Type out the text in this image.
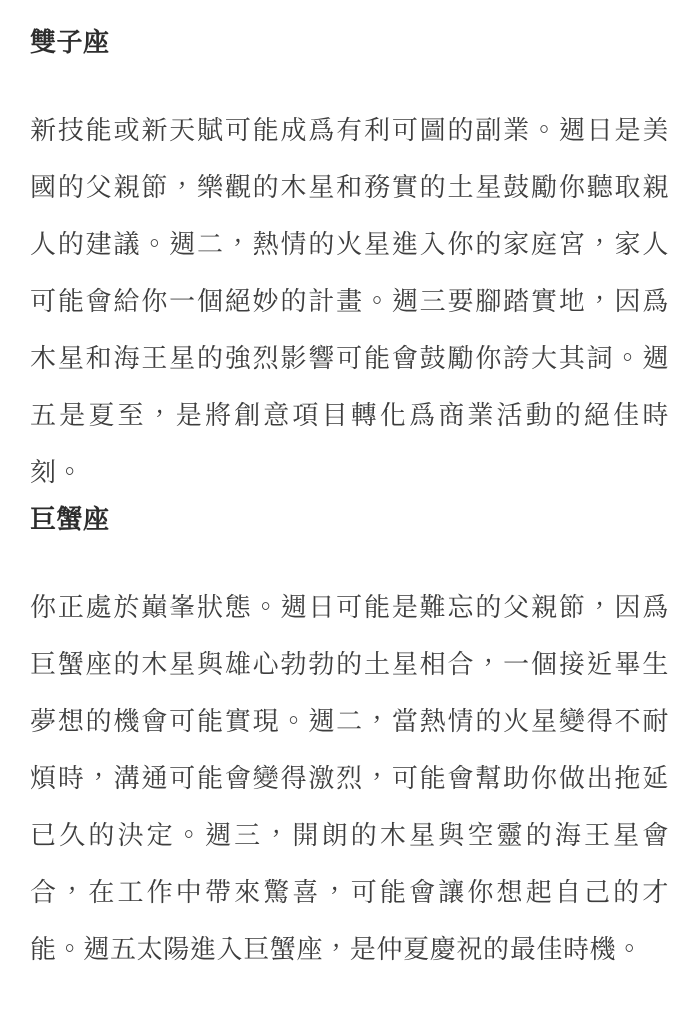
雙子座

新技能或新天賦可能成爲有利可圖的副業。週日是美國的父親節，樂觀的木星和務實的土星鼓勵你聽取親人的建議。週二，熱情的火星進入你的家庭宮，家人可能會給你一個絕妙的計畫。週三要腳踏實地，因爲木星和海王星的強烈影響可能會鼓勵你誇大其詞。週五是夏至，是將創意項目轉化爲商業活動的絕佳時刻。

巨蟹座

你正處於巔峯狀態。週日可能是難忘的父親節，因爲巨蟹座的木星與雄心勃勃的土星相合，一個接近畢生夢想的機會可能實現。週二，當熱情的火星變得不耐煩時，溝通可能會變得激烈，可能會幫助你做出拖延已久的決定。週三，開朗的木星與空靈的海王星會合，在工作中帶來驚喜，可能會讓你想起自己的才能。週五太陽進入巨蟹座，是仲夏慶祝的最佳時機。
